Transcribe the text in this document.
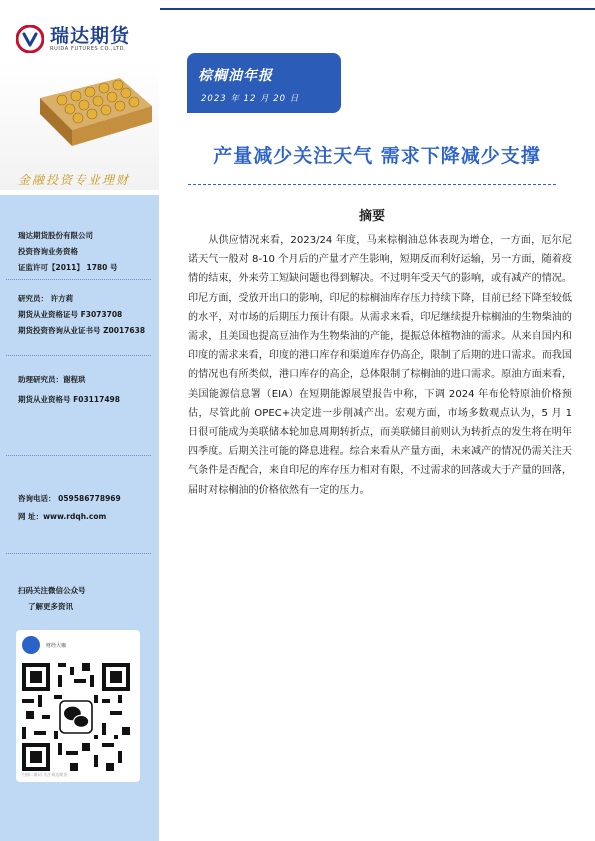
瑞达期货
RUIDA FUTURES CO.,LTD.
金融投资专业理财
瑞达期货股份有限公司
投资咨询业务资格
证监许可【2011】 1780 号
研究员： 许方莉
期货从业资格证号 F3073708
期货投资咨询从业证书号 Z0017638
助理研究员：谢程珙
期货从业资格号 F03117498
咨询电话： 059586778969
网 址：www.rdqh.com
扫码关注微信公众号
了解更多资讯
财经大咖
扫描二维码 关注瑞达期货
棕榈油年报
2023 年 12 月 20 日
产量减少关注天气 需求下降减少支撑
摘要
从供应情况来看，2023/24 年度，马来棕榈油总体表现为增仓，一方面，厄尔尼诺天气一般对 8-10 个月后的产量才产生影响，短期反而利好运输，另一方面，随着疫情的结束，外来劳工短缺问题也得到解决。不过明年受天气的影响，或有减产的情况。 印尼方面，受放开出口的影响，印尼的棕榈油库存压力持续下降，目前已经下降至较低的水平，对市场的后期压力预计有限。从需求来看，印尼继续提升棕榈油的生物柴油的需求，且美国也提高豆油作为生物柴油的产能，提振总体植物油的需求。从来自国内和印度的需求来看，印度的港口库存和渠道库存仍高企，限制了后期的进口需求。而我国的情况也有所类似，港口库存的高企，总体限制了棕榈油的进口需求。原油方面来看，美国能源信息署（EIA）在短期能源展望报告中称，下调 2024 年布伦特原油价格预估，尽管此前 OPEC+决定进一步削减产出。宏观方面，市场多数观点认为，5 月 1 日很可能成为美联储本轮加息周期转折点，而美联储目前则认为转折点的发生将在明年四季度。后期关注可能的降息进程。综合来看从产量方面，未来减产的情况仍需关注天气条件是否配合，来自印尼的库存压力相对有限，不过需求的回落或大于产量的回落，届时对棕榈油的价格依然有一定的压力。
